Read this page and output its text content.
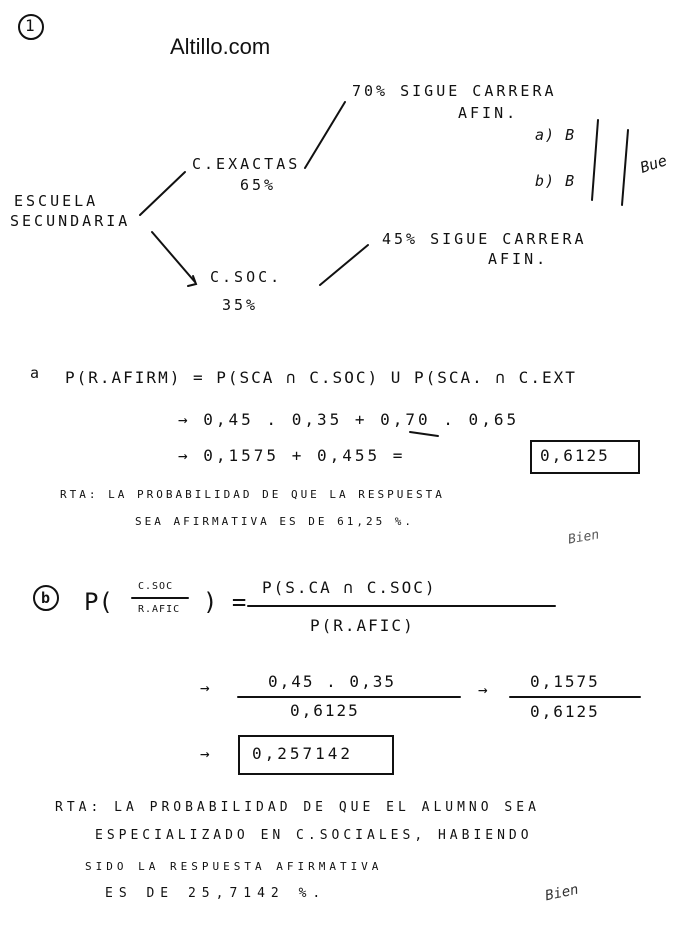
1
Altillo.com
ESCUELA
SECUNDARIA
C.EXACTAS
65%
C.SOC.
35%
70% SIGUE CARRERA
AFIN.
45% SIGUE CARRERA
AFIN.
a) B
b) B
Bue
a P(R.AFIRM) = P(SCA ∩ C.SOC) U P(SCA. ∩ C.EXT
→ 0,45 . 0,35 + 0,70 . 0,65
→ 0,1575 + 0,455 =	0,6125
RTA: LA PROBABILIDAD DE QUE LA RESPUESTA
SEA AFIRMATIVA ES DE 61,25 %.
Bien
b P(
C.SOC
R.AFIC ) =
P(S.CA ∩ C.SOC)
P(R.AFIC)
→	0,45 . 0,35
0,6125
→	0,1575
0,6125
→	0,257142
RTA: LA PROBABILIDAD DE QUE EL ALUMNO SEA
ESPECIALIZADO EN C.SOCIALES, HABIENDO
SIDO LA RESPUESTA AFIRMATIVA
ES DE 25,7142 %.	Bien
